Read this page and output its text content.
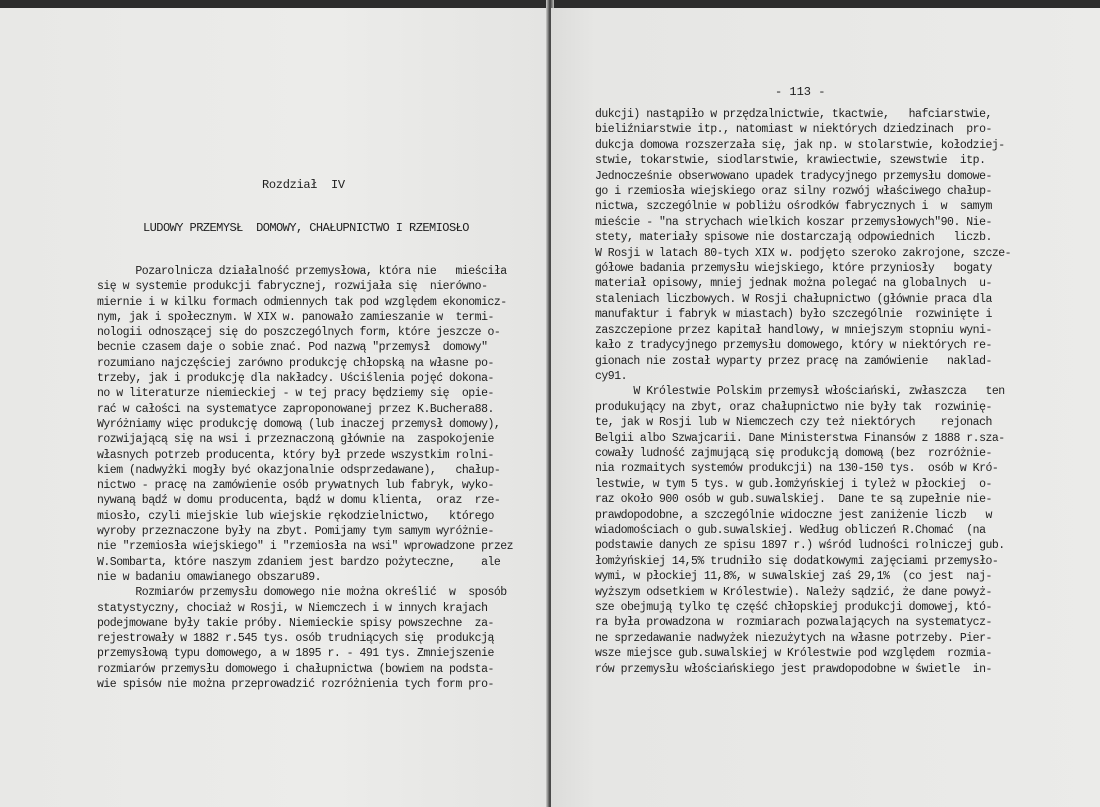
Rozdział  IV
LUDOWY PRZEMYSŁ  DOMOWY, CHAŁUPNICTWO I RZEMIOSŁO

Pozarolnicza działalność przemysłowa, która nie   mieściła

się w systemie produkcji fabrycznej, rozwijała się  nierówno-

miernie i w kilku formach odmiennych tak pod względem ekonomicz-

nym, jak i społecznym. W XIX w. panowało zamieszanie w  termi-

nologii odnoszącej się do poszczególnych form, które jeszcze o-

becnie czasem daje o sobie znać. Pod nazwą "przemysł  domowy"

rozumiano najczęściej zarówno produkcję chłopską na własne po-

trzeby, jak i produkcję dla nakładcy. Uściślenia pojęć dokona-

no w literaturze niemieckiej - w tej pracy będziemy się  opie-

rać w całości na systematyce zaproponowanej przez K.Buchera88.

Wyróżniamy więc produkcję domową (lub inaczej przemysł domowy),

rozwijającą się na wsi i przeznaczoną głównie na  zaspokojenie

własnych potrzeb producenta, który był przede wszystkim rolni-

kiem (nadwyżki mogły być okazjonalnie odsprzedawane),   chałup-

nictwo - pracę na zamówienie osób prywatnych lub fabryk, wyko-

nywaną bądź w domu producenta, bądź w domu klienta,  oraz  rze-

miosło, czyli miejskie lub wiejskie rękodzielnictwo,   którego

wyroby przeznaczone były na zbyt. Pomijamy tym samym wyróżnie-

nie "rzemiosła wiejskiego" i "rzemiosła na wsi" wprowadzone przez

W.Sombarta, które naszym zdaniem jest bardzo pożyteczne,    ale

nie w badaniu omawianego obszaru89.

Rozmiarów przemysłu domowego nie można określić  w  sposób

statystyczny, chociaż w Rosji, w Niemczech i w innych krajach

podejmowane były takie próby. Niemieckie spisy powszechne  za-

rejestrowały w 1882 r.545 tys. osób trudniących się  produkcją

przemysłową typu domowego, a w 1895 r. - 491 tys. Zmniejszenie

rozmiarów przemysłu domowego i chałupnictwa (bowiem na podsta-

wie spisów nie można przeprowadzić rozróżnienia tych form pro-

- 113 -

dukcji) nastąpiło w przędzalnictwie, tkactwie,   hafciarstwie,

bieliźniarstwie itp., natomiast w niektórych dziedzinach  pro-

dukcja domowa rozszerzała się, jak np. w stolarstwie, kołodziej-

stwie, tokarstwie, siodlarstwie, krawiectwie, szewstwie  itp.

Jednocześnie obserwowano upadek tradycyjnego przemysłu domowe-

go i rzemiosła wiejskiego oraz silny rozwój właściwego chałup-

nictwa, szczególnie w pobliżu ośrodków fabrycznych i  w  samym

mieście - "na strychach wielkich koszar przemysłowych"90. Nie-

stety, materiały spisowe nie dostarczają odpowiednich   liczb.

W Rosji w latach 80-tych XIX w. podjęto szeroko zakrojone, szcze-

gółowe badania przemysłu wiejskiego, które przyniosły   bogaty

materiał opisowy, mniej jednak można polegać na globalnych  u-

staleniach liczbowych. W Rosji chałupnictwo (głównie praca dla

manufaktur i fabryk w miastach) było szczególnie  rozwinięte i

zaszczepione przez kapitał handlowy, w mniejszym stopniu wyni-

kało z tradycyjnego przemysłu domowego, który w niektórych re-

gionach nie został wyparty przez pracę na zamówienie   naklad-

cy91.

W Królestwie Polskim przemysł włościański, zwłaszcza   ten

produkujący na zbyt, oraz chałupnictwo nie były tak  rozwinię-

te, jak w Rosji lub w Niemczech czy też niektórych    rejonach

Belgii albo Szwajcarii. Dane Ministerstwa Finansów z 1888 r.sza-

cowały ludność zajmującą się produkcją domową (bez  rozróżnie-

nia rozmaitych systemów produkcji) na 130-150 tys.  osób w Kró-

lestwie, w tym 5 tys. w gub.łomżyńskiej i tyleż w płockiej  o-

raz około 900 osób w gub.suwalskiej.  Dane te są zupełnie nie-

prawdopodobne, a szczególnie widoczne jest zaniżenie liczb   w

wiadomościach o gub.suwalskiej. Według obliczeń R.Chomać  (na

podstawie danych ze spisu 1897 r.) wśród ludności rolniczej gub.

łomżyńskiej 14,5% trudniło się dodatkowymi zajęciami przemysło-

wymi, w płockiej 11,8%, w suwalskiej zaś 29,1%  (co jest  naj-

wyższym odsetkiem w Królestwie). Należy sądzić, że dane powyż-

sze obejmują tylko tę część chłopskiej produkcji domowej, któ-

ra była prowadzona w  rozmiarach pozwalających na systematycz-

ne sprzedawanie nadwyżek niezużytych na własne potrzeby. Pier-

wsze miejsce gub.suwalskiej w Królestwie pod względem  rozmia-

rów przemysłu włościańskiego jest prawdopodobne w świetle  in-
